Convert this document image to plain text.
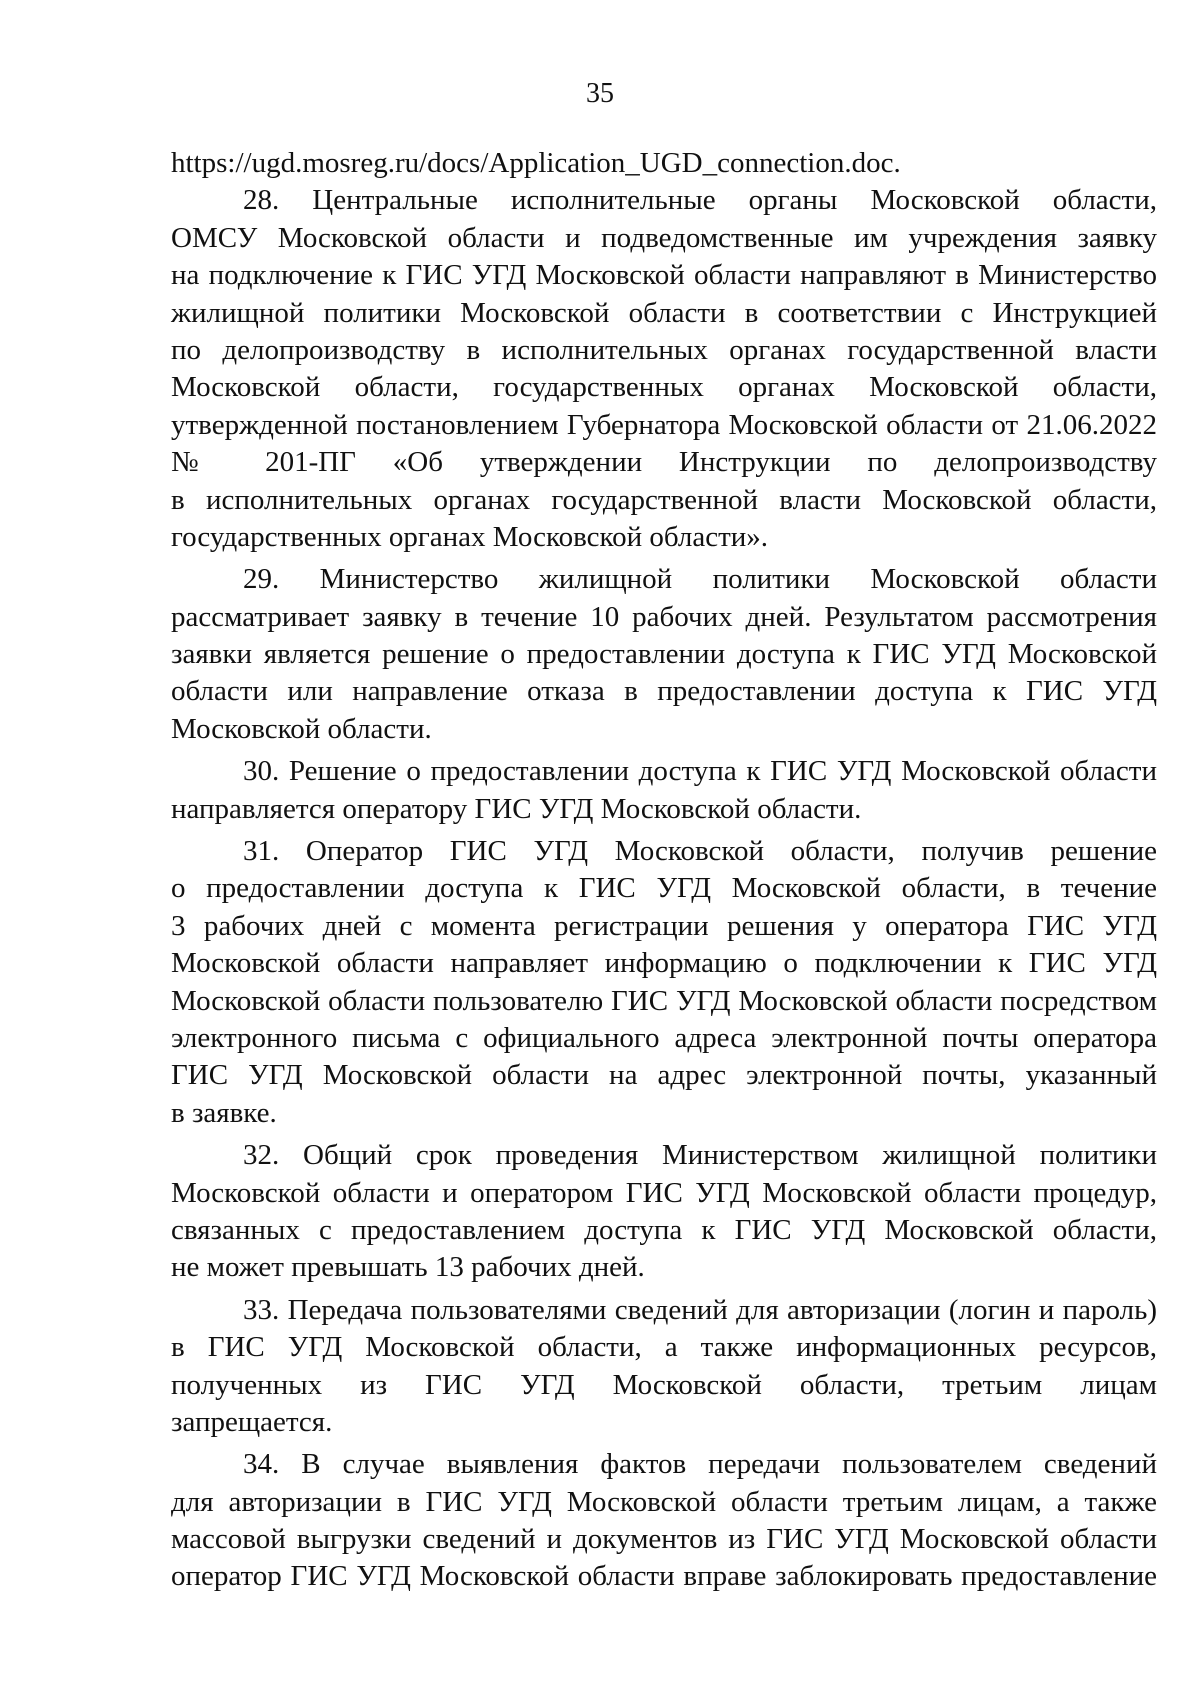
35
https://ugd.mosreg.ru/docs/Application_UGD_connection.doc.
28. Центральные исполнительные органы Московской области,
ОМСУ Московской области и подведомственные им учреждения заявку
на подключение к ГИС УГД Московской области направляют в Министерство
жилищной политики Московской области в соответствии с Инструкцией
по делопроизводству в исполнительных органах государственной власти
Московской области, государственных органах Московской области,
утвержденной постановлением Губернатора Московской области от 21.06.2022
№ 201-ПГ «Об утверждении Инструкции по делопроизводству
в исполнительных органах государственной власти Московской области,
государственных органах Московской области».
29. Министерство жилищной политики Московской области
рассматривает заявку в течение 10 рабочих дней. Результатом рассмотрения
заявки является решение о предоставлении доступа к ГИС УГД Московской
области или направление отказа в предоставлении доступа к ГИС УГД
Московской области.
30. Решение о предоставлении доступа к ГИС УГД Московской области
направляется оператору ГИС УГД Московской области.
31. Оператор ГИС УГД Московской области, получив решение
о предоставлении доступа к ГИС УГД Московской области, в течение
3 рабочих дней с момента регистрации решения у оператора ГИС УГД
Московской области направляет информацию о подключении к ГИС УГД
Московской области пользователю ГИС УГД Московской области посредством
электронного письма с официального адреса электронной почты оператора
ГИС УГД Московской области на адрес электронной почты, указанный
в заявке.
32. Общий срок проведения Министерством жилищной политики
Московской области и оператором ГИС УГД Московской области процедур,
связанных с предоставлением доступа к ГИС УГД Московской области,
не может превышать 13 рабочих дней.
33. Передача пользователями сведений для авторизации (логин и пароль)
в ГИС УГД Московской области, а также информационных ресурсов,
полученных из ГИС УГД Московской области, третьим лицам
запрещается.
34. В случае выявления фактов передачи пользователем сведений
для авторизации в ГИС УГД Московской области третьим лицам, а также
массовой выгрузки сведений и документов из ГИС УГД Московской области
оператор ГИС УГД Московской области вправе заблокировать предоставление
